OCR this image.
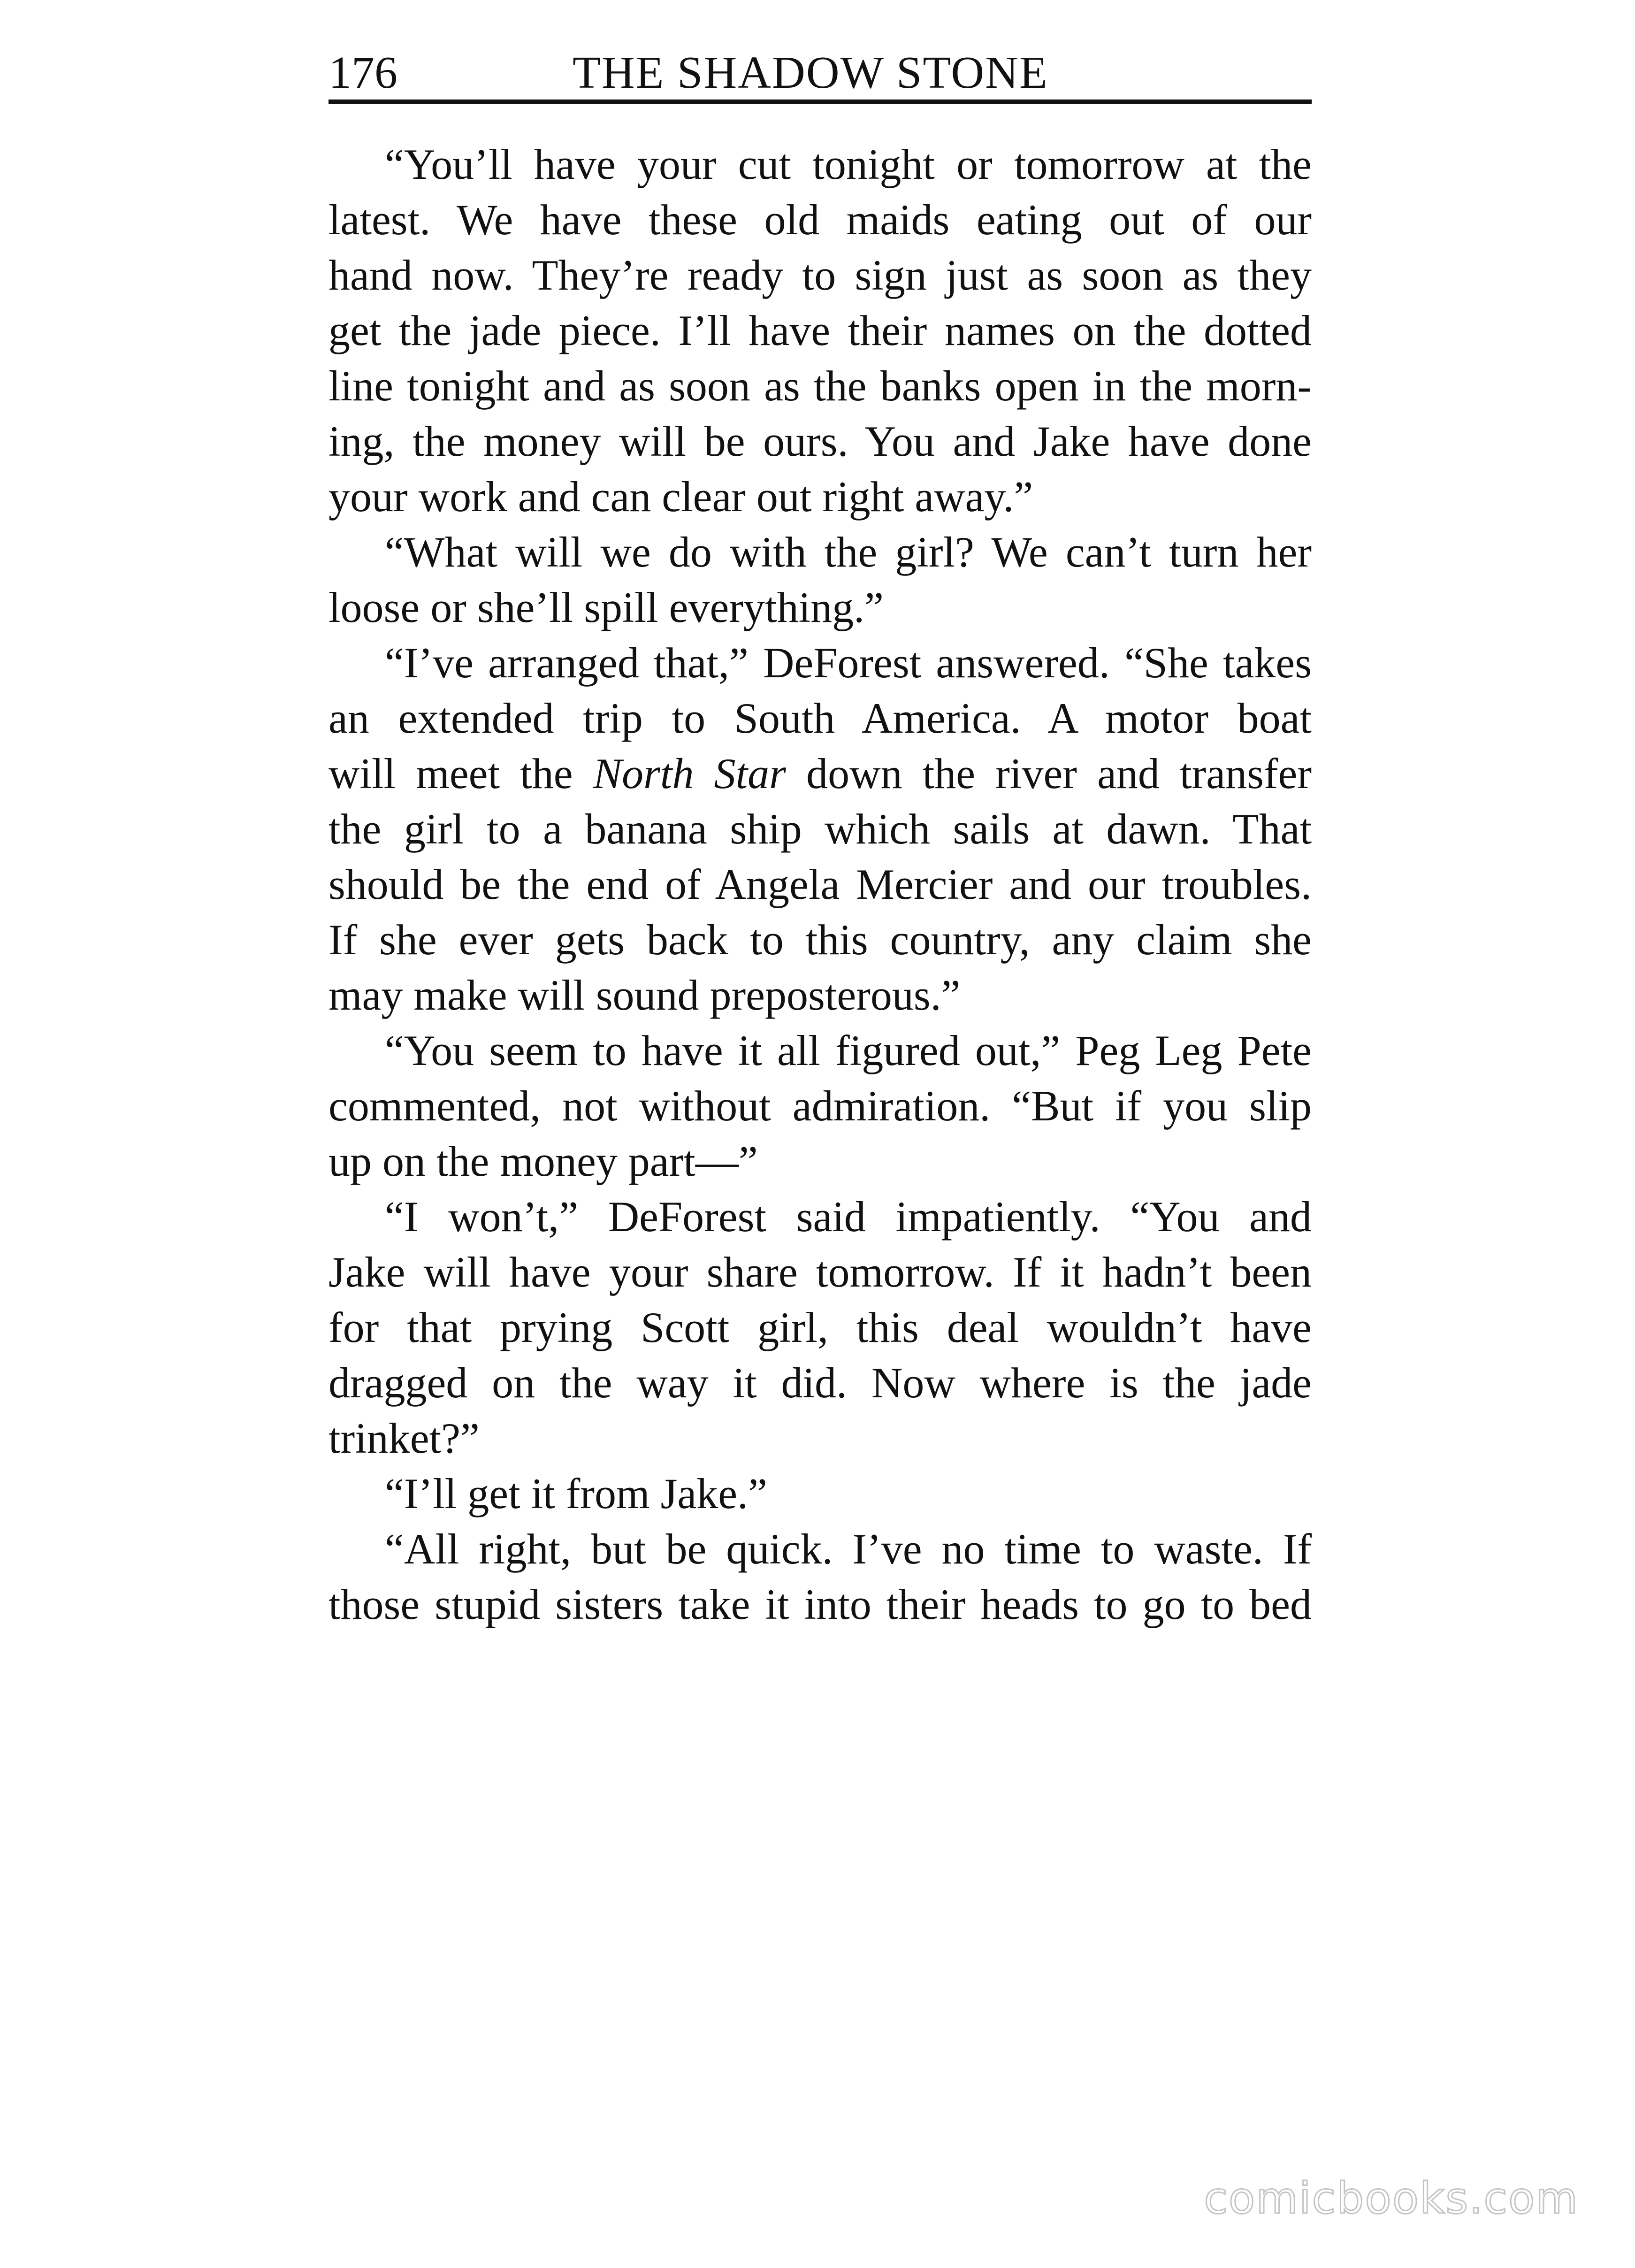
176	THE SHADOW STONE
“You’ll have your cut tonight or tomorrow at the
latest. We have these old maids eating out of our
hand now. They’re ready to sign just as soon as they
get the jade piece. I’ll have their names on the dotted
line tonight and as soon as the banks open in the morn-
ing, the money will be ours. You and Jake have done
your work and can clear out right away.”
“What will we do with the girl? We can’t turn her
loose or she’ll spill everything.”
“I’ve arranged that,” DeForest answered. “She takes
an extended trip to South America. A motor boat
will meet the North Star down the river and transfer
the girl to a banana ship which sails at dawn. That
should be the end of Angela Mercier and our troubles.
If she ever gets back to this country, any claim she
may make will sound preposterous.”
“You seem to have it all figured out,” Peg Leg Pete
commented, not without admiration. “But if you slip
up on the money part—”
“I won’t,” DeForest said impatiently. “You and
Jake will have your share tomorrow. If it hadn’t been
for that prying Scott girl, this deal wouldn’t have
dragged on the way it did. Now where is the jade
trinket?”
“I’ll get it from Jake.”
“All right, but be quick. I’ve no time to waste. If
those stupid sisters take it into their heads to go to bed
comicbooks.com
